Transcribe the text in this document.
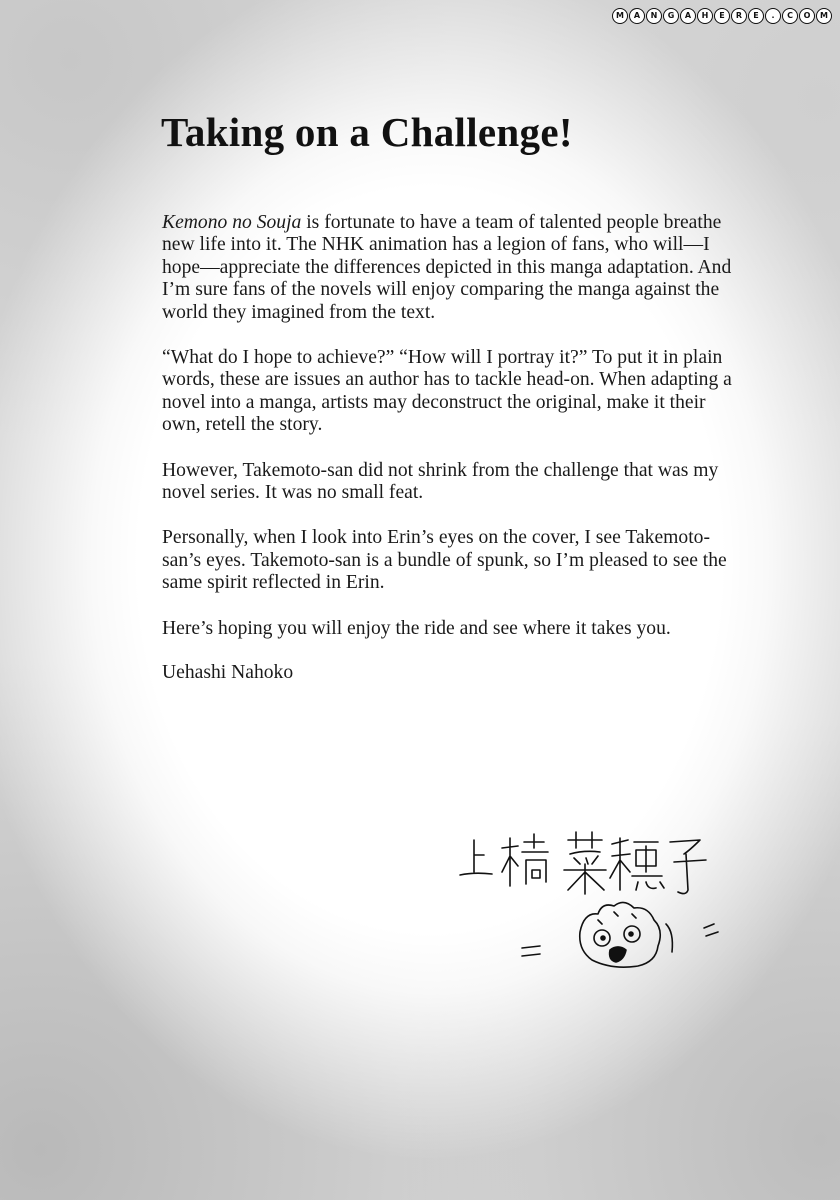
M	A	N	G	A	H	E	R	E	.	C	O	M
Taking on a Challenge!

Kemono no Souja is fortunate to have a team of talented people breathe new life into it. The NHK animation has a legion of fans, who will—I hope—appreciate the differences depicted in this manga adaptation. And I’m sure fans of the novels will enjoy comparing the manga against the world they imagined from the text.

“What do I hope to achieve?” “How will I portray it?” To put it in plain words, these are issues an author has to tackle head-on. When adapting a novel into a manga, artists may deconstruct the original, make it their own, retell the story.

However, Takemoto-san did not shrink from the challenge that was my novel series. It was no small feat.

Personally, when I look into Erin’s eyes on the cover, I see Takemoto-san’s eyes. Takemoto-san is a bundle of spunk, so I’m pleased to see the same spirit reflected in Erin.

Here’s hoping you will enjoy the ride and see where it takes you.

Uehashi Nahoko
